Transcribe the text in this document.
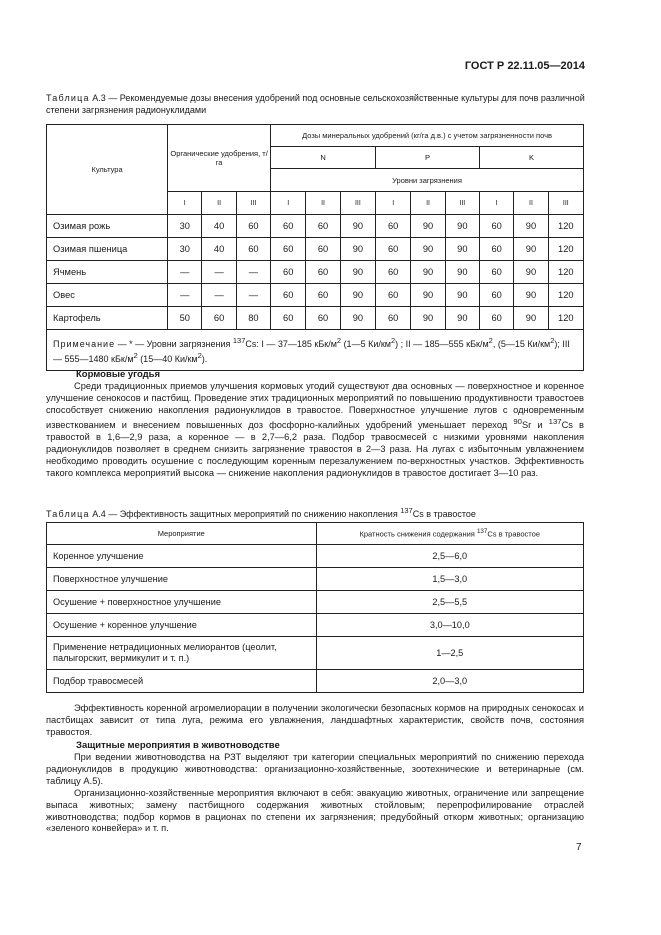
ГОСТ Р 22.11.05—2014
Таблица А.3 — Рекомендуемые дозы внесения удобрений под основные сельскохозяйственные культуры для почв различной степени загрязнения радионуклидами
Культура	Органические удобрения, т/га			Дозы минеральных удобрений (кг/га д.в.) с учетом загрязненности почв								
				N			P			K		
				Уровни загрязнения								
	I	II	III	I	II	III	I	II	III	I	II	III
Озимая рожь	30	40	60	60	60	90	60	90	90	60	90	120
Озимая пшеница	30	40	60	60	60	90	60	90	90	60	90	120
Ячмень	—	—	—	60	60	90	60	90	90	60	90	120
Овес	—	—	—	60	60	90	60	90	90	60	90	120
Картофель	50	60	80	60	60	90	60	90	90	60	90	120
Примечание — * — Уровни загрязнения $^{137}$Cs: I — 37—185 кБк/$м^2$ (1—5 $Ки/км^2$) ; II — 185—555 кБк/$м^2$, (5—15 $Ки/км^2$); III — 555—1480 кБк/$м^2$ (15—40 $Ки/км^2$).												
Кормовые угодья

Среди традиционных приемов улучшения кормовых угодий существуют два основных — поверхностное и коренное улучшение сенокосов и пастбищ. Проведение этих традиционных мероприятий по повышению продуктивности травостоев способствует снижению накопления радионуклидов в травостое. Поверхностное улучшение лугов с одновременным известкованием и внесением повышенных доз фосфорно-калийных удобрений уменьшает переход $^{90}$Sr и $^{137}$Cs в травостой в 1,6—2,9 раза, а коренное — в 2,7—6,2 раза. Подбор травосмесей с низкими уровнями накопления радионуклидов позволяет в среднем снизить загрязнение травостоя в 2—3 раза. На лугах с избыточным увлажнением необходимо проводить осушение с последующим коренным перезалужением по-верхностных участков. Эффективность такого комплекса мероприятий высока — снижение накопления радионуклидов в травостое достигает 3—10 раз.

Таблица А.4 — Эффективность защитных мероприятий по снижению накопления $^{137}$Cs в травостое
Мероприятие	Кратность снижения содержания $^{137}$Cs в травостое
Коренное улучшение	2,5—6,0
Поверхностное улучшение	1,5—3,0
Осушение + поверхностное улучшение	2,5—5,5
Осушение + коренное улучшение	3,0—10,0
Применение нетрадиционных мелиорантов (цеолит, палыгорскит, вермикулит и т. п.)	1—2,5
Подбор травосмесей	2,0—3,0

Эффективность коренной агромелиорации в получении экологически безопасных кормов на природных сенокосах и пастбищах зависит от типа луга, режима его увлажнения, ландшафтных характеристик, свойств почв, состояния травостоя.

Защитные мероприятия в животноводстве

При ведении животноводства на РЗТ выделяют три категории специальных мероприятий по снижению перехода радионуклидов в продукцию животноводства: организационно-хозяйственные, зоотехнические и ветеринарные (см. таблицу А.5).

Организационно-хозяйственные мероприятия включают в себя: эвакуацию животных, ограничение или запрещение выпаса животных; замену пастбищного содержания животных стойловым; перепрофилирование отраслей животноводства; подбор кормов в рационах по степени их загрязнения; предубойный откорм животных; организацию «зеленого конвейера» и т. п.

7
